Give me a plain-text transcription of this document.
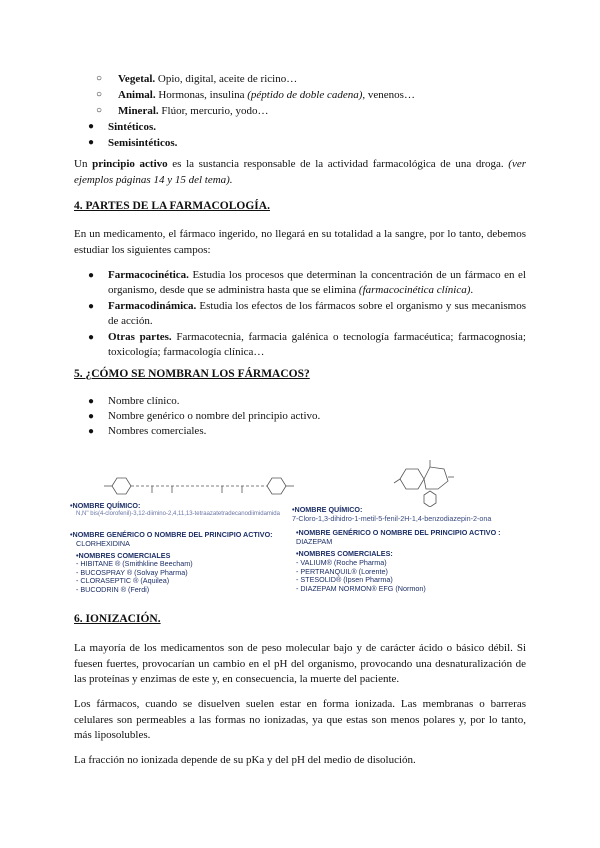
○ Vegetal. Opio, digital, aceite de ricino…
○ Animal. Hormonas, insulina (péptido de doble cadena), venenos…
○ Mineral. Flúor, mercurio, yodo…
● Sintéticos.
● Semisintéticos.
Un principio activo es la sustancia responsable de la actividad farmacológica de una droga. (ver ejemplos páginas 14 y 15 del tema).
4. PARTES DE LA FARMACOLOGÍA.
En un medicamento, el fármaco ingerido, no llegará en su totalidad a la sangre, por lo tanto, debemos estudiar los siguientes campos:
● Farmacocinética. Estudia los procesos que determinan la concentración de un fármaco en el organismo, desde que se administra hasta que se elimina (farmacocinética clínica).
● Farmacodinámica. Estudia los efectos de los fármacos sobre el organismo y sus mecanismos de acción.
● Otras partes. Farmacotecnia, farmacia galénica o tecnología farmacéutica; farmacognosia; toxicología; farmacología clínica…
5. ¿CÓMO SE NOMBRAN LOS FÁRMACOS?
● Nombre clínico.
● Nombre genérico o nombre del principio activo.
● Nombres comerciales.
•NOMBRE QUÍMICO:
N,N'' bis(4-clorofenil)-3,12-diimino-2,4,11,13-tetraazatetradecanodiimidamida
•NOMBRE GENÉRICO O NOMBRE DEL PRINCIPIO ACTIVO:
CLORHEXIDINA
•NOMBRES COMERCIALES
- HIBITANE ® (Smithkline Beecham)
- BUCOSPRAY ® (Solvay Pharma)
- CLORASEPTIC ® (Aquilea)
- BUCODRIN ® (Ferdi)
•NOMBRE QUÍMICO:
7-Cloro-1,3-dihidro-1-metil-5-fenil-2H-1,4-benzodiazepin-2-ona
•NOMBRE GENÉRICO O NOMBRE DEL PRINCIPIO ACTIVO :
DIAZEPAM
•NOMBRES COMERCIALES:
- VALIUM® (Roche Pharma)
- PERTRANQUIL® (Lorente)
- STESOLID® (Ipsen Pharma)
- DIAZEPAM NORMON® EFG (Normon)
6. IONIZACIÓN.
La mayoría de los medicamentos son de peso molecular bajo y de carácter ácido o básico débil. Si fuesen fuertes, provocarían un cambio en el pH del organismo, provocando una desnaturalización de las proteínas y enzimas de este y, en consecuencia, la muerte del paciente.
Los fármacos, cuando se disuelven suelen estar en forma ionizada. Las membranas o barreras celulares son permeables a las formas no ionizadas, ya que estas son menos polares y, por lo tanto, más liposolubles.
La fracción no ionizada depende de su pKa y del pH del medio de disolución.
